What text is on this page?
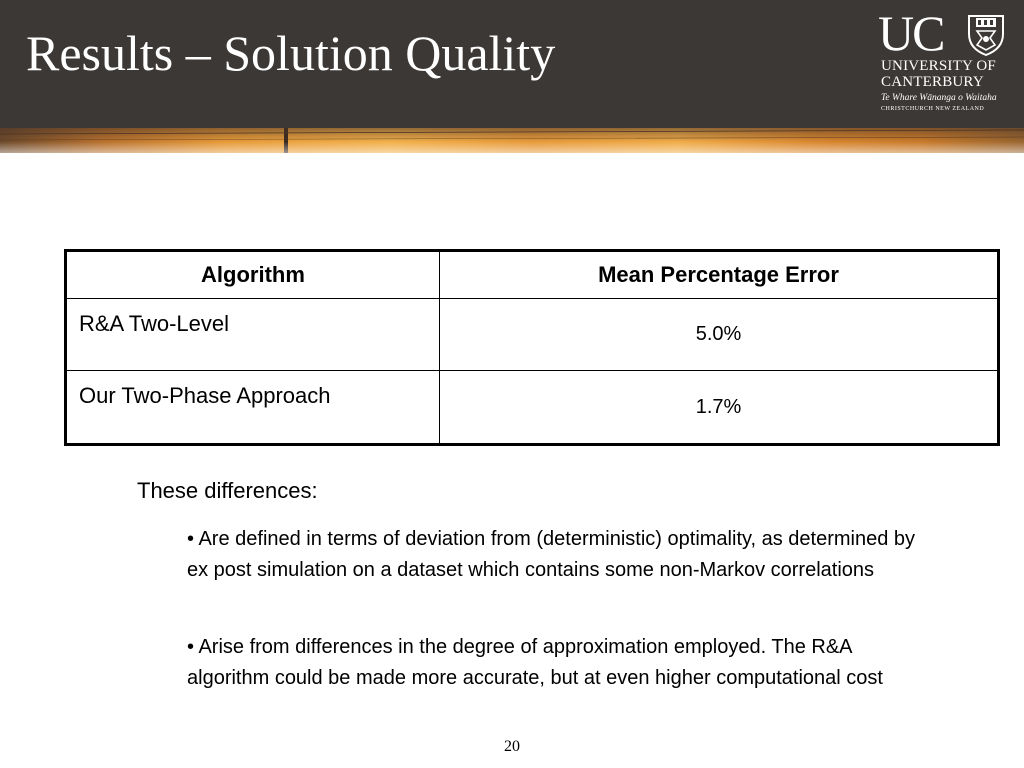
Results – Solution Quality	UC
UNIVERSITY OF CANTERBURY
Te Whare Wānanga o Waitaha
CHRISTCHURCH NEW ZEALAND
Algorithm	Mean Percentage Error
R&A Two-Level	5.0%
Our Two-Phase Approach	1.7%
These differences:
• Are defined in terms of deviation from (deterministic) optimality, as determined by ex post simulation on a dataset which contains some non-Markov correlations
• Arise from differences in the degree of approximation employed. The R&A algorithm could be made more accurate, but at even higher computational cost
20
